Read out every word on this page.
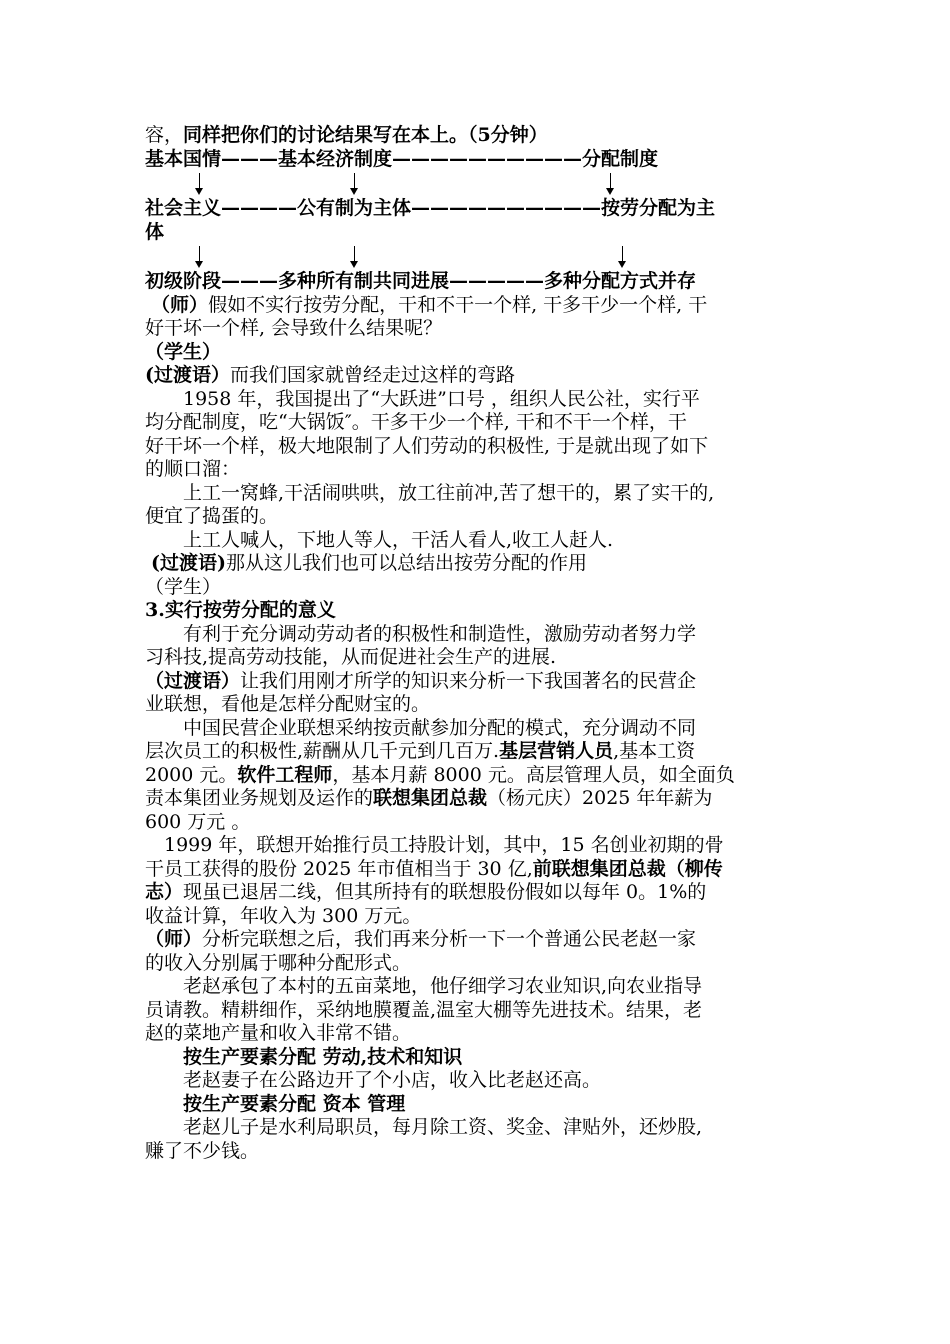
容，同样把你们的讨论结果写在本上。（5分钟）
基本国情———基本经济制度——————————分配制度
社会主义————公有制为主体——————————按劳分配为主
体
初级阶段———多种所有制共同进展—————多种分配方式并存
（师）假如不实行按劳分配，干和不干一个样, 干多干少一个样, 干
好干坏一个样, 会导致什么结果呢？
（学生）
(过渡语）而我们国家就曾经走过这样的弯路
1958 年，我国提出了“大跃进”口号 ，组织人民公社，实行平
均分配制度，吃“大锅饭″。干多干少一个样, 干和不干一个样，干
好干坏一个样，极大地限制了人们劳动的积极性, 于是就出现了如下
的顺口溜：
上工一窝蜂,干活闹哄哄，放工往前冲,苦了想干的，累了实干的,
便宜了捣蛋的。
上工人喊人，下地人等人，干活人看人,收工人赶人.
(过渡语)那从这儿我们也可以总结出按劳分配的作用
（学生）
3.实行按劳分配的意义
有利于充分调动劳动者的积极性和制造性，激励劳动者努力学
习科技,提高劳动技能，从而促进社会生产的进展.
（过渡语）让我们用刚才所学的知识来分析一下我国著名的民营企
业联想，看他是怎样分配财宝的。
中国民营企业联想采纳按贡献参加分配的模式，充分调动不同
层次员工的积极性,薪酬从几千元到几百万.基层营销人员,基本工资
2000 元。软件工程师，基本月薪 8000 元。高层管理人员，如全面负
责本集团业务规划及运作的联想集团总裁（杨元庆）2025 年年薪为
600 万元 。
1999 年，联想开始推行员工持股计划，其中，15 名创业初期的骨
干员工获得的股份 2025 年市值相当于 30 亿,前联想集团总裁（柳传
志）现虽已退居二线，但其所持有的联想股份假如以每年 0。1%的
收益计算，年收入为 300 万元。
（师）分析完联想之后，我们再来分析一下一个普通公民老赵一家
的收入分别属于哪种分配形式。
老赵承包了本村的五亩菜地，他仔细学习农业知识,向农业指导
员请教。精耕细作，采纳地膜覆盖,温室大棚等先进技术。结果，老
赵的菜地产量和收入非常不错。
按生产要素分配 劳动,技术和知识
老赵妻子在公路边开了个小店，收入比老赵还高。
按生产要素分配 资本 管理
老赵儿子是水利局职员，每月除工资、奖金、津贴外，还炒股,
赚了不少钱。
